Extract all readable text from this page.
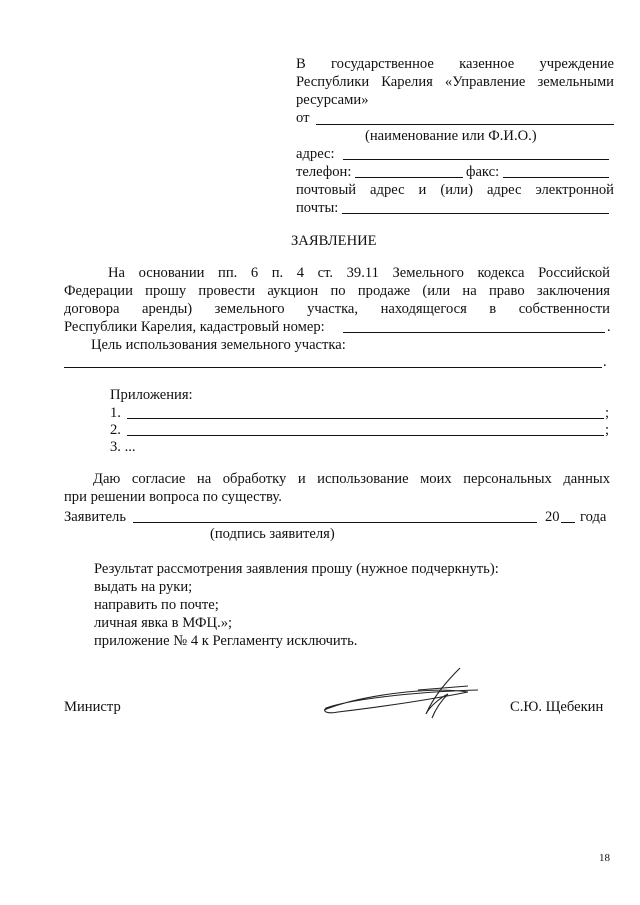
В государственное казенное учреждение
Республики Карелия «Управление земельными
ресурсами»
от
(наименование или Ф.И.О.)
адрес:
телефон:	факс:
почтовый адрес и (или) адрес электронной
почты:
ЗАЯВЛЕНИЕ
На основании пп. 6 п. 4 ст. 39.11 Земельного кодекса Российской
Федерации прошу провести аукцион по продаже (или на право заключения
договора аренды) земельного участка, находящегося в собственности
Республики Карелия, кадастровый номер:	.
Цель использования земельного участка:
.
Приложения:
1.	;
2.	;
3. ...
Даю согласие на обработку и использование моих персональных данных
при решении вопроса по существу.
Заявитель	20 года
(подпись заявителя)
Результат рассмотрения заявления прошу (нужное подчеркнуть):
выдать на руки;
направить по почте;
личная явка в МФЦ.»;
приложение № 4 к Регламенту исключить.
Министр	С.Ю. Щебекин
18
